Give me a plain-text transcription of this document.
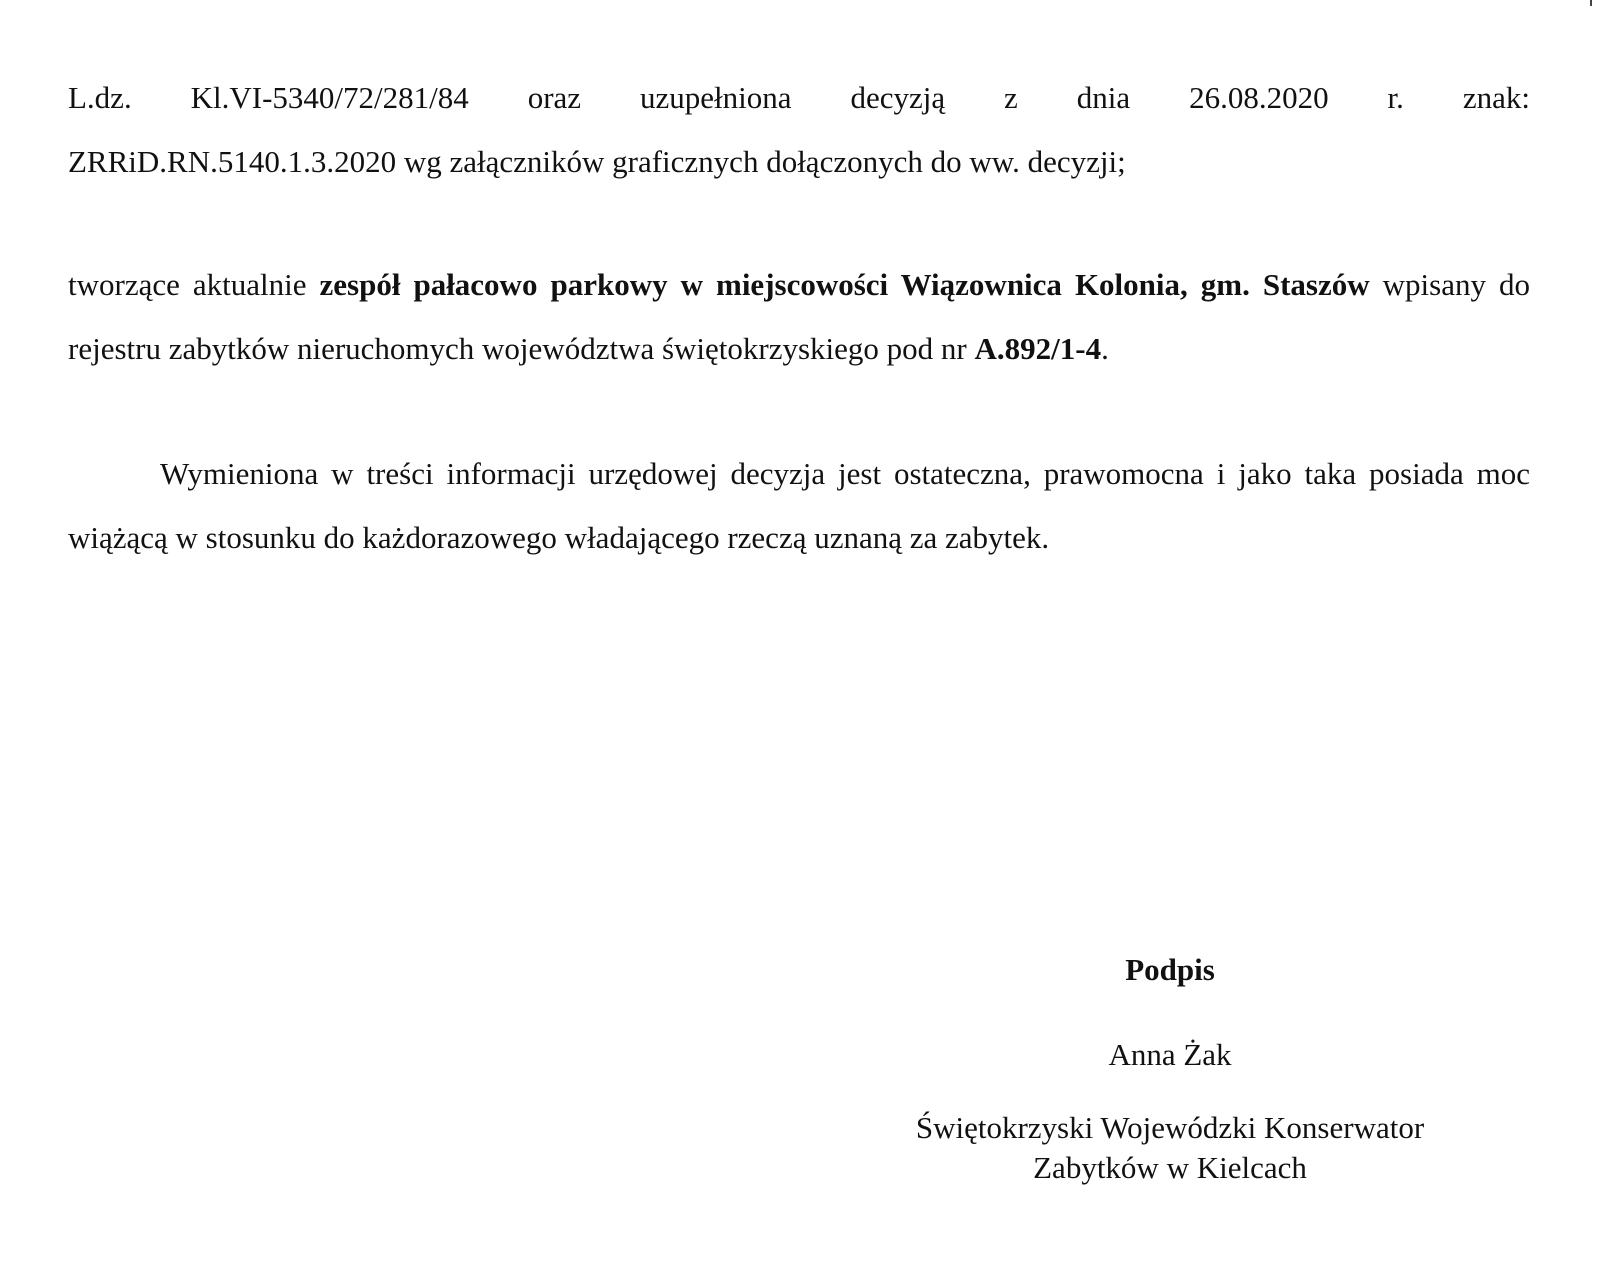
L.dz. Kl.VI-5340/72/281/84 oraz uzupełniona decyzją z dnia 26.08.2020 r. znak:
ZRRiD.RN.5140.1.3.2020 wg załączników graficznych dołączonych do ww. decyzji;

tworzące aktualnie zespół pałacowo parkowy w miejscowości Wiązownica Kolonia, gm. Staszów wpisany do rejestru zabytków nieruchomych województwa świętokrzyskiego pod nr A.892/1-4.

Wymieniona w treści informacji urzędowej decyzja jest ostateczna, prawomocna i jako taka posiada moc wiążącą w stosunku do każdorazowego władającego rzeczą uznaną za zabytek.

Podpis
Anna Żak
Świętokrzyski Wojewódzki Konserwator
Zabytków w Kielcach
